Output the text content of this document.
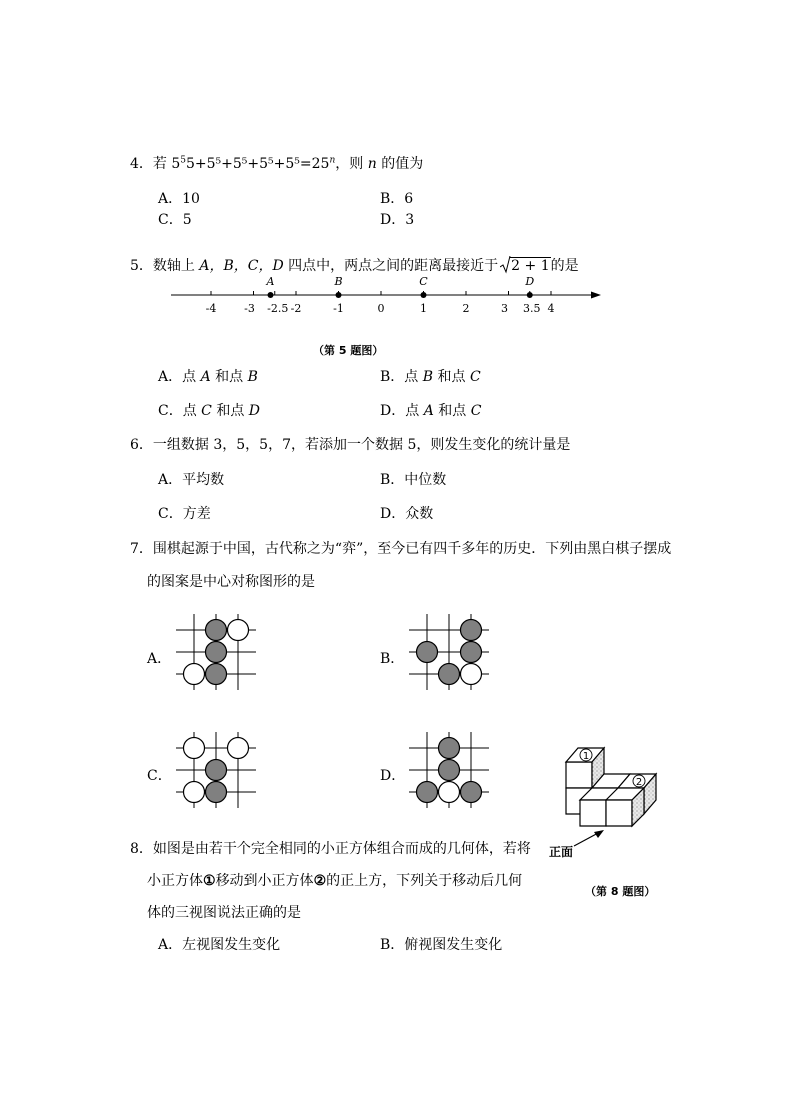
4．若 $5^55+5^5+5^5+5^5+5^5=25^n$，则 n 的值为
A．10	B．6
C．5	D．3
5．数轴上 A，B，C，D 四点中，两点之间的距离最接近于 2 + 1的是
-4	-3 -2.5 -2	-1	0	1	2	3 3.5 4
A	B	C	D
（第 5 题图）
A．点 A 和点 B	B．点 B 和点 C
C．点 C 和点 D	D．点 A 和点 C
6．一组数据 3，5，5，7，若添加一个数据 5，则发生变化的统计量是
A．平均数	B．中位数
C．方差	D．众数
7．围棋起源于中国，古代称之为“弈”，至今已有四千多年的历史．下列由黑白棋子摆成
的图案是中心对称图形的是
A．	B．
C．	D．
1
2
正面
8．如图是由若干个完全相同的小正方体组合而成的几何体，若将
小正方体①移动到小正方体②的正上方，下列关于移动后几何
（第 8 题图）
体的三视图说法正确的是
A．左视图发生变化	B．俯视图发生变化
